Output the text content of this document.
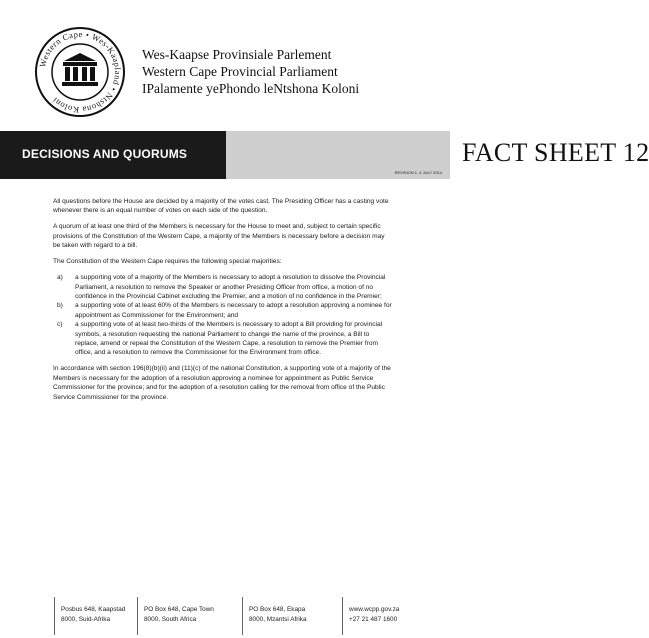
Western Cape • Wes-Kaapland • Ntshona Koloni
Wes-Kaapse Provinsiale Parlement
Western Cape Provincial Parliament
IPalamente yePhondo leNtshona Koloni
DECISIONS AND QUORUMS	FACT SHEET 12
REVISION 1, 4 JULY 2014

All questions before the House are decided by a majority of the votes cast. The Presiding Officer has a casting vote whenever there is an equal number of votes on each side of the question.

A quorum of at least one third of the Members is necessary for the House to meet and, subject to certain specific provisions of the Constitution of the Western Cape, a majority of the Members is necessary before a decision may be taken with regard to a bill.

The Constitution of the Western Cape requires the following special majorities:

a) a supporting vote of a majority of the Members is necessary to adopt a resolution to dissolve the Provincial Parliament, a resolution to remove the Speaker or another Presiding Officer from office, a motion of no confidence in the Provincial Cabinet excluding the Premier, and a motion of no confidence in the Premier;
b) a supporting vote of at least 60% of the Members is necessary to adopt a resolution approving a nominee for appointment as Commissioner for the Environment; and
c) a supporting vote of at least two-thirds of the Members is necessary to adopt a Bill providing for provincial symbols, a resolution requesting the national Parliament to change the name of the province, a Bill to replace, amend or repeal the Constitution of the Western Cape, a resolution to remove the Premier from office, and a resolution to remove the Commissioner for the Environment from office.

In accordance with section 196(8)(b)(ii) and (11)(c) of the national Constitution, a supporting vote of a majority of the Members is necessary for the adoption of a resolution approving a nominee for appointment as Public Service Commissioner for the province; and for the adoption of a resolution calling for the removal from office of the Public Service Commissioner for the province.

Posbus 648, Kaapstad
8000, Suid-Afrika
PO Box 648, Cape Town
8000, South Africa
PO Box 648, Ekapa
8000, Mzantsi Afrika
www.wcpp.gov.za
+27 21 487 1600
